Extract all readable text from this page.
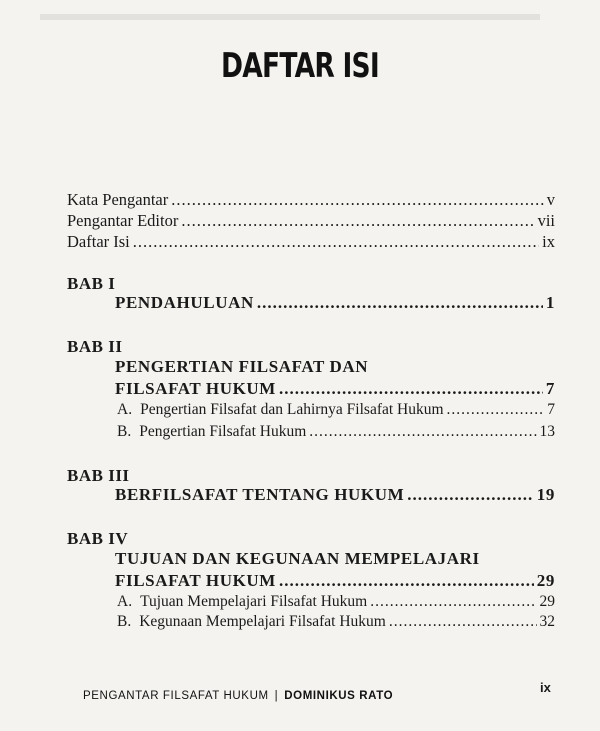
DAFTAR ISI
Kata Pengantar .....	v
Pengantar Editor .....	vii
Daftar Isi .....	ix
BAB I
PENDAHULUAN .....	1
BAB II
PENGERTIAN FILSAFAT DAN
FILSAFAT HUKUM .....	7
A. Pengertian Filsafat dan Lahirnya Filsafat Hukum .....	7
B. Pengertian Filsafat Hukum .....	13
BAB III
BERFILSAFAT TENTANG HUKUM .....	19
BAB IV
TUJUAN DAN KEGUNAAN MEMPELAJARI
FILSAFAT HUKUM .....	29
A. Tujuan Mempelajari Filsafat Hukum .....	29
B. Kegunaan Mempelajari Filsafat Hukum .....	32
PENGANTAR FILSAFAT HUKUM | DOMINIKUS RATO
ix
